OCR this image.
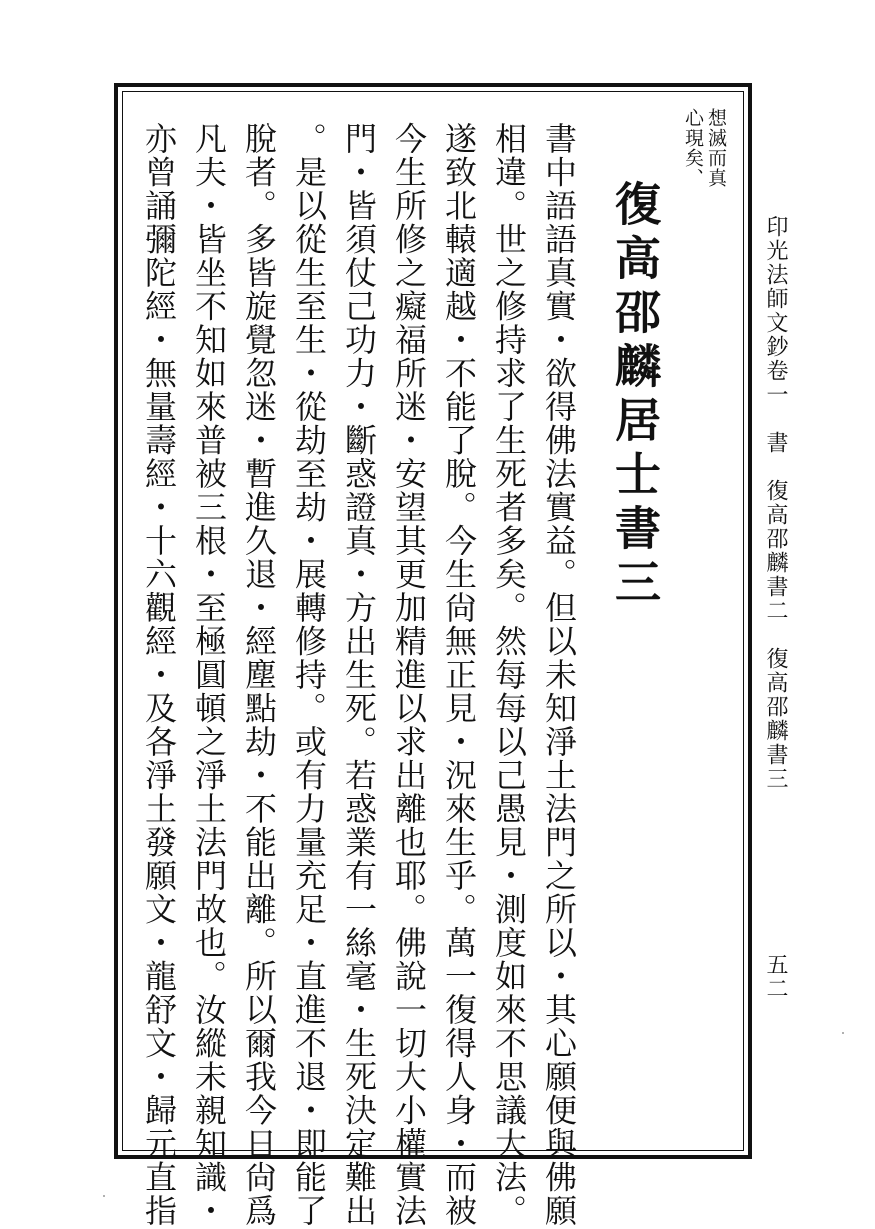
印光法師文鈔卷一　書　復高邵麟書二　復高邵麟書三
五二
想滅而真
心現矣、
復高邵麟居士書三
書中語語真實・欲得佛法實益。但以未知淨土法門之所以・其心願便與佛願
相違。世之修持求了生死者多矣。然每每以己愚見・測度如來不思議大法。
遂致北轅適越・不能了脫。今生尙無正見・況來生乎。萬一復得人身・而被
今生所修之癡福所迷・安望其更加精進以求出離也耶。佛說一切大小權實法
門・皆須仗己功力・斷惑證真・方出生死。若惑業有一絲毫・生死決定難出
。是以從生至生・從劫至劫・展轉修持。或有力量充足・直進不退・即能了
脫者。多皆旋覺忽迷・暫進久退・經塵點劫・不能出離。所以爾我今日尙爲
凡夫・皆坐不知如來普被三根・至極圓頓之淨土法門故也。汝縱未親知識・
亦曾誦彌陀經・無量壽經・十六觀經・及各淨土發願文・龍舒文・歸元直指
